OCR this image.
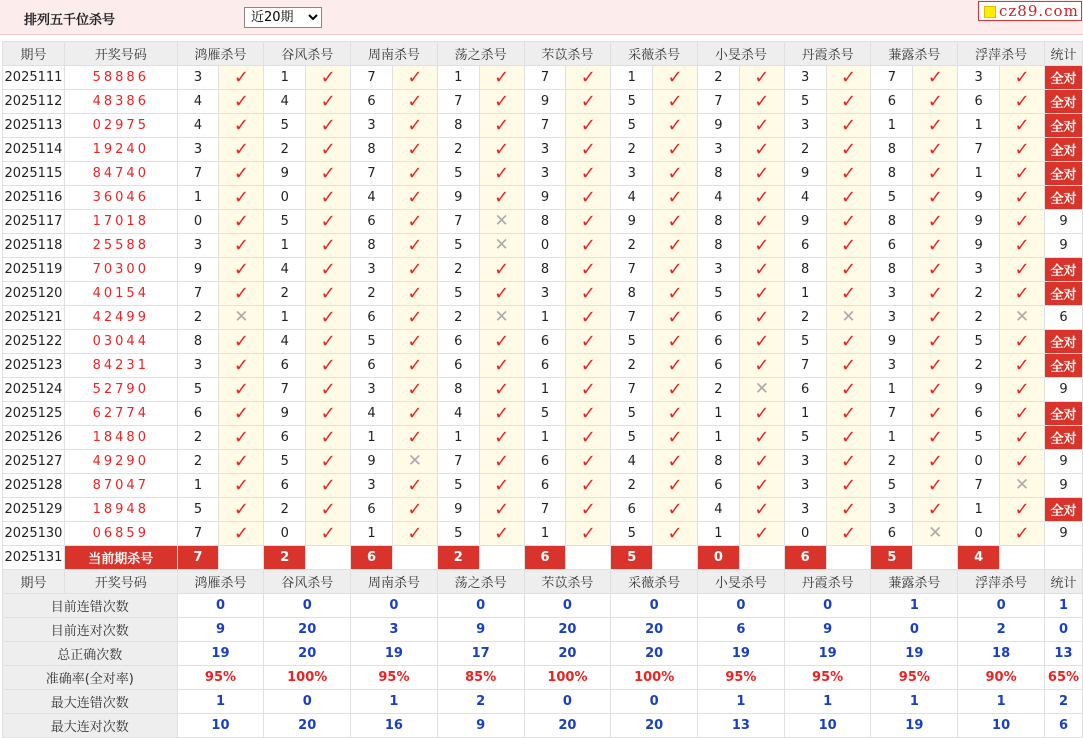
排列五千位杀号
近20期
cz89.com
期号	开奖号码	鸿雁杀号		谷风杀号		周南杀号		荡之杀号		芣苡杀号		采薇杀号		小旻杀号		丹霞杀号		蒹露杀号		浮萍杀号		统计
2025111	58886	3	✓	1	✓	7	✓	1	✓	7	✓	1	✓	2	✓	3	✓	7	✓	3	✓	全对
2025112	48386	4	✓	4	✓	6	✓	7	✓	9	✓	5	✓	7	✓	5	✓	6	✓	6	✓	全对
2025113	02975	4	✓	5	✓	3	✓	8	✓	7	✓	5	✓	9	✓	3	✓	1	✓	1	✓	全对
2025114	19240	3	✓	2	✓	8	✓	2	✓	3	✓	2	✓	3	✓	2	✓	8	✓	7	✓	全对
2025115	84740	7	✓	9	✓	7	✓	5	✓	3	✓	3	✓	8	✓	9	✓	8	✓	1	✓	全对
2025116	36046	1	✓	0	✓	4	✓	9	✓	9	✓	4	✓	4	✓	4	✓	5	✓	9	✓	全对
2025117	17018	0	✓	5	✓	6	✓	7	✕	8	✓	9	✓	8	✓	9	✓	8	✓	9	✓	9
2025118	25588	3	✓	1	✓	8	✓	5	✕	0	✓	2	✓	8	✓	6	✓	6	✓	9	✓	9
2025119	70300	9	✓	4	✓	3	✓	2	✓	8	✓	7	✓	3	✓	8	✓	8	✓	3	✓	全对
2025120	40154	7	✓	2	✓	2	✓	5	✓	3	✓	8	✓	5	✓	1	✓	3	✓	2	✓	全对
2025121	42499	2	✕	1	✓	6	✓	2	✕	1	✓	7	✓	6	✓	2	✕	3	✓	2	✕	6
2025122	03044	8	✓	4	✓	5	✓	6	✓	6	✓	5	✓	6	✓	5	✓	9	✓	5	✓	全对
2025123	84231	3	✓	6	✓	6	✓	6	✓	6	✓	2	✓	6	✓	7	✓	3	✓	2	✓	全对
2025124	52790	5	✓	7	✓	3	✓	8	✓	1	✓	7	✓	2	✕	6	✓	1	✓	9	✓	9
2025125	62774	6	✓	9	✓	4	✓	4	✓	5	✓	5	✓	1	✓	1	✓	7	✓	6	✓	全对
2025126	18480	2	✓	6	✓	1	✓	1	✓	1	✓	5	✓	1	✓	5	✓	1	✓	5	✓	全对
2025127	49290	2	✓	5	✓	9	✕	7	✓	6	✓	4	✓	8	✓	3	✓	2	✓	0	✓	9
2025128	87047	1	✓	6	✓	3	✓	5	✓	6	✓	2	✓	6	✓	3	✓	5	✓	7	✕	9
2025129	18948	5	✓	2	✓	6	✓	9	✓	7	✓	6	✓	4	✓	3	✓	3	✓	1	✓	全对
2025130	06859	7	✓	0	✓	1	✓	5	✓	1	✓	5	✓	1	✓	0	✓	6	✕	0	✓	9
2025131	当前期杀号	7		2		6		2		6		5		0		6		5		4		
期号	开奖号码	鸿雁杀号		谷风杀号		周南杀号		荡之杀号		芣苡杀号		采薇杀号		小旻杀号		丹霞杀号		蒹露杀号		浮萍杀号		统计
目前连错次数		0		0		0		0		0		0		0		0		1		0		1
目前连对次数		9		20		3		9		20		20		6		9		0		2		0
总正确次数		19		20		19		17		20		20		19		19		19		18		13
准确率(全对率)		95%		100%		95%		85%		100%		100%		95%		95%		95%		90%		65%
最大连错次数		1		0		1		2		0		0		1		1		1		1		2
最大连对次数		10		20		16		9		20		20		13		10		19		10		6
